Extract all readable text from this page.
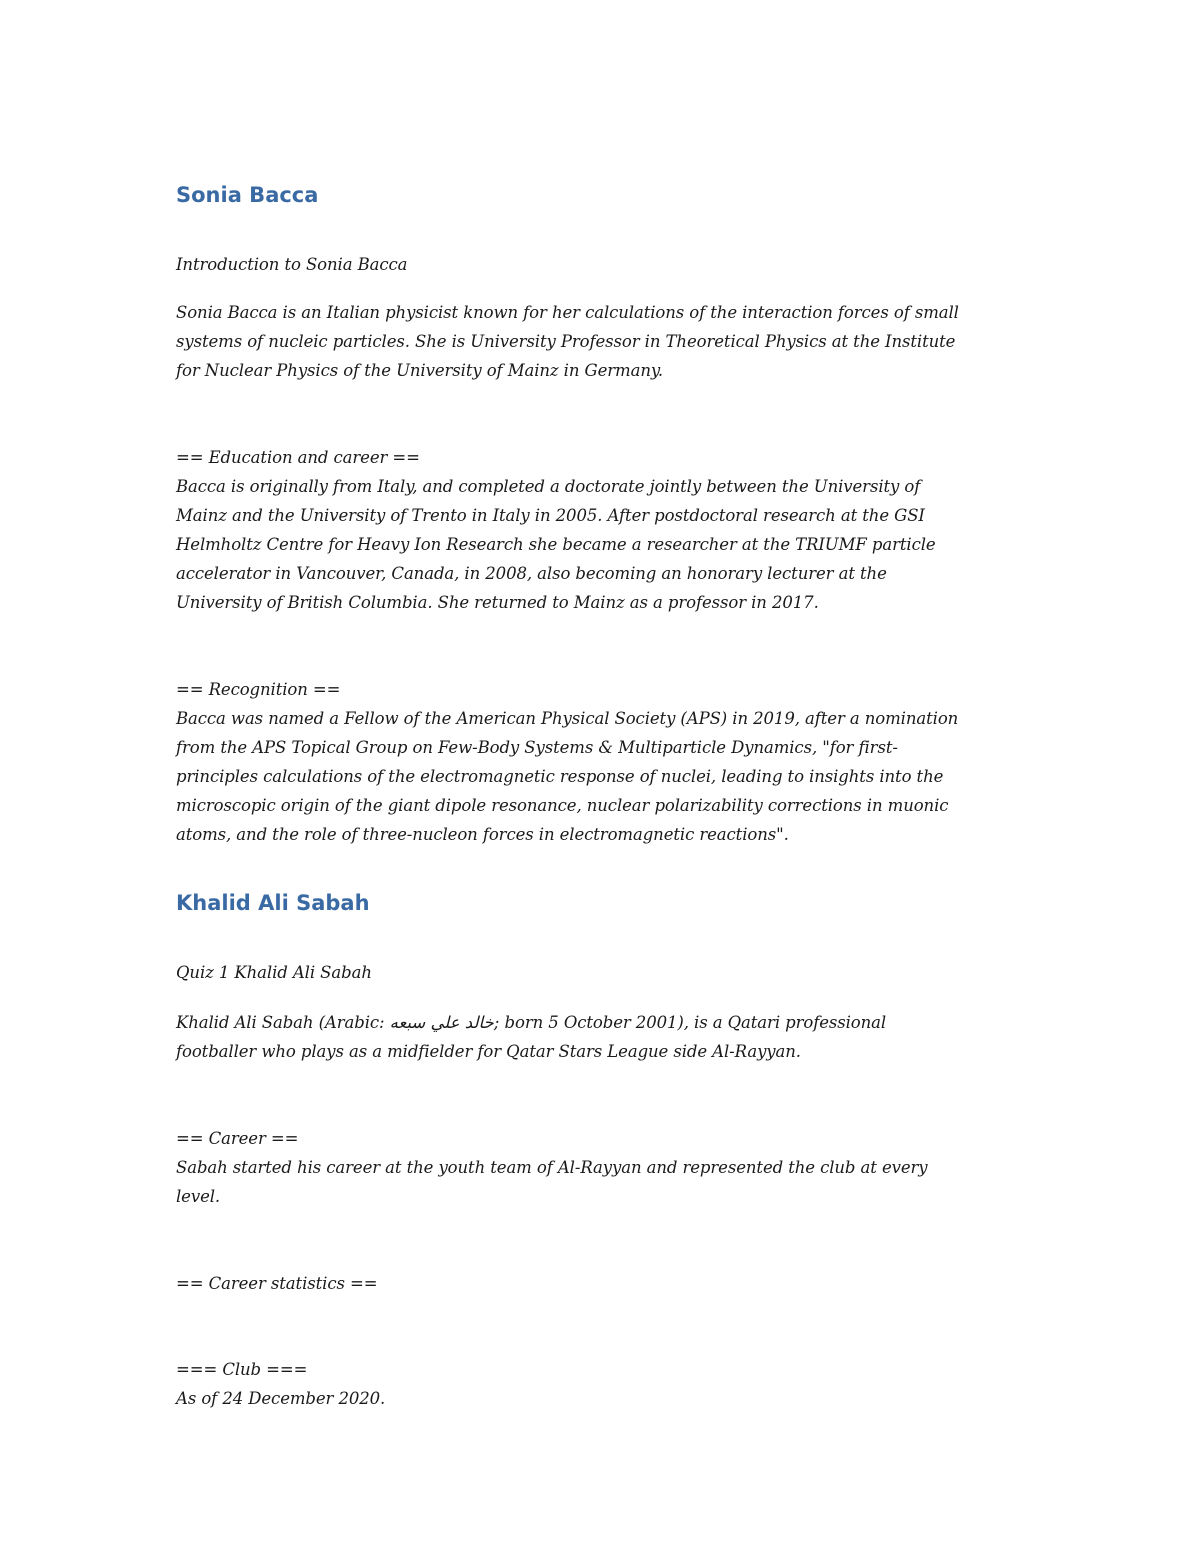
Sonia Bacca

Introduction to Sonia Bacca

Sonia Bacca is an Italian physicist known for her calculations of the interaction forces of small
systems of nucleic particles. She is University Professor in Theoretical Physics at the Institute
for Nuclear Physics of the University of Mainz in Germany.

== Education and career ==
Bacca is originally from Italy, and completed a doctorate jointly between the University of
Mainz and the University of Trento in Italy in 2005. After postdoctoral research at the GSI
Helmholtz Centre for Heavy Ion Research she became a researcher at the TRIUMF particle
accelerator in Vancouver, Canada, in 2008, also becoming an honorary lecturer at the
University of British Columbia. She returned to Mainz as a professor in 2017.

== Recognition ==
Bacca was named a Fellow of the American Physical Society (APS) in 2019, after a nomination
from the APS Topical Group on Few-Body Systems & Multiparticle Dynamics, "for first-
principles calculations of the electromagnetic response of nuclei, leading to insights into the
microscopic origin of the giant dipole resonance, nuclear polarizability corrections in muonic
atoms, and the role of three-nucleon forces in electromagnetic reactions".

Khalid Ali Sabah

Quiz 1 Khalid Ali Sabah

Khalid Ali Sabah (Arabic: خالد علي سبعه; born 5 October 2001), is a Qatari professional
footballer who plays as a midfielder for Qatar Stars League side Al-Rayyan.

== Career ==
Sabah started his career at the youth team of Al-Rayyan and represented the club at every
level.

== Career statistics ==

=== Club ===
As of 24 December 2020.
